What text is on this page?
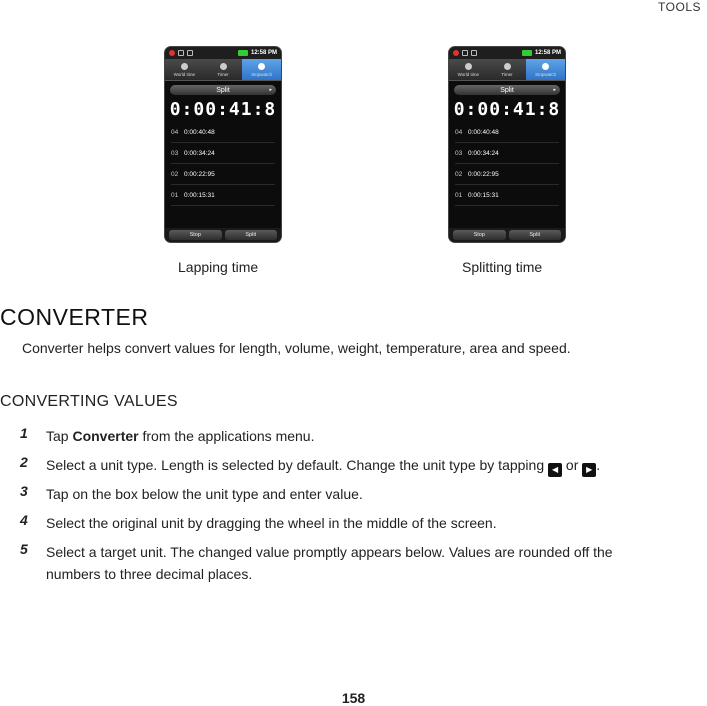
TOOLS
12:58 PM
World time	Timer	Stopwatch
Split	▸
0:00:41:8
04 0:00:40:48
03 0:00:34:24
02 0:00:22:95
01 0:00:15:31
Stop	Split
12:58 PM
World time	Timer	Stopwatch
Split	▸
0:00:41:8
04 0:00:40:48
03 0:00:34:24
02 0:00:22:95
01 0:00:15:31
Stop	Split
Lapping time	Splitting time
CONVERTER
Converter helps convert values for length, volume, weight, temperature, area and speed.
CONVERTING VALUES
1	Tap Converter from the applications menu.
2	Select a unit type. Length is selected by default. Change the unit type by tapping ◀ or ▶ .
3	Tap on the box below the unit type and enter value.
4	Select the original unit by dragging the wheel in the middle of the screen.
5	Select a target unit. The changed value promptly appears below. Values are rounded off the numbers to three decimal places.
158
